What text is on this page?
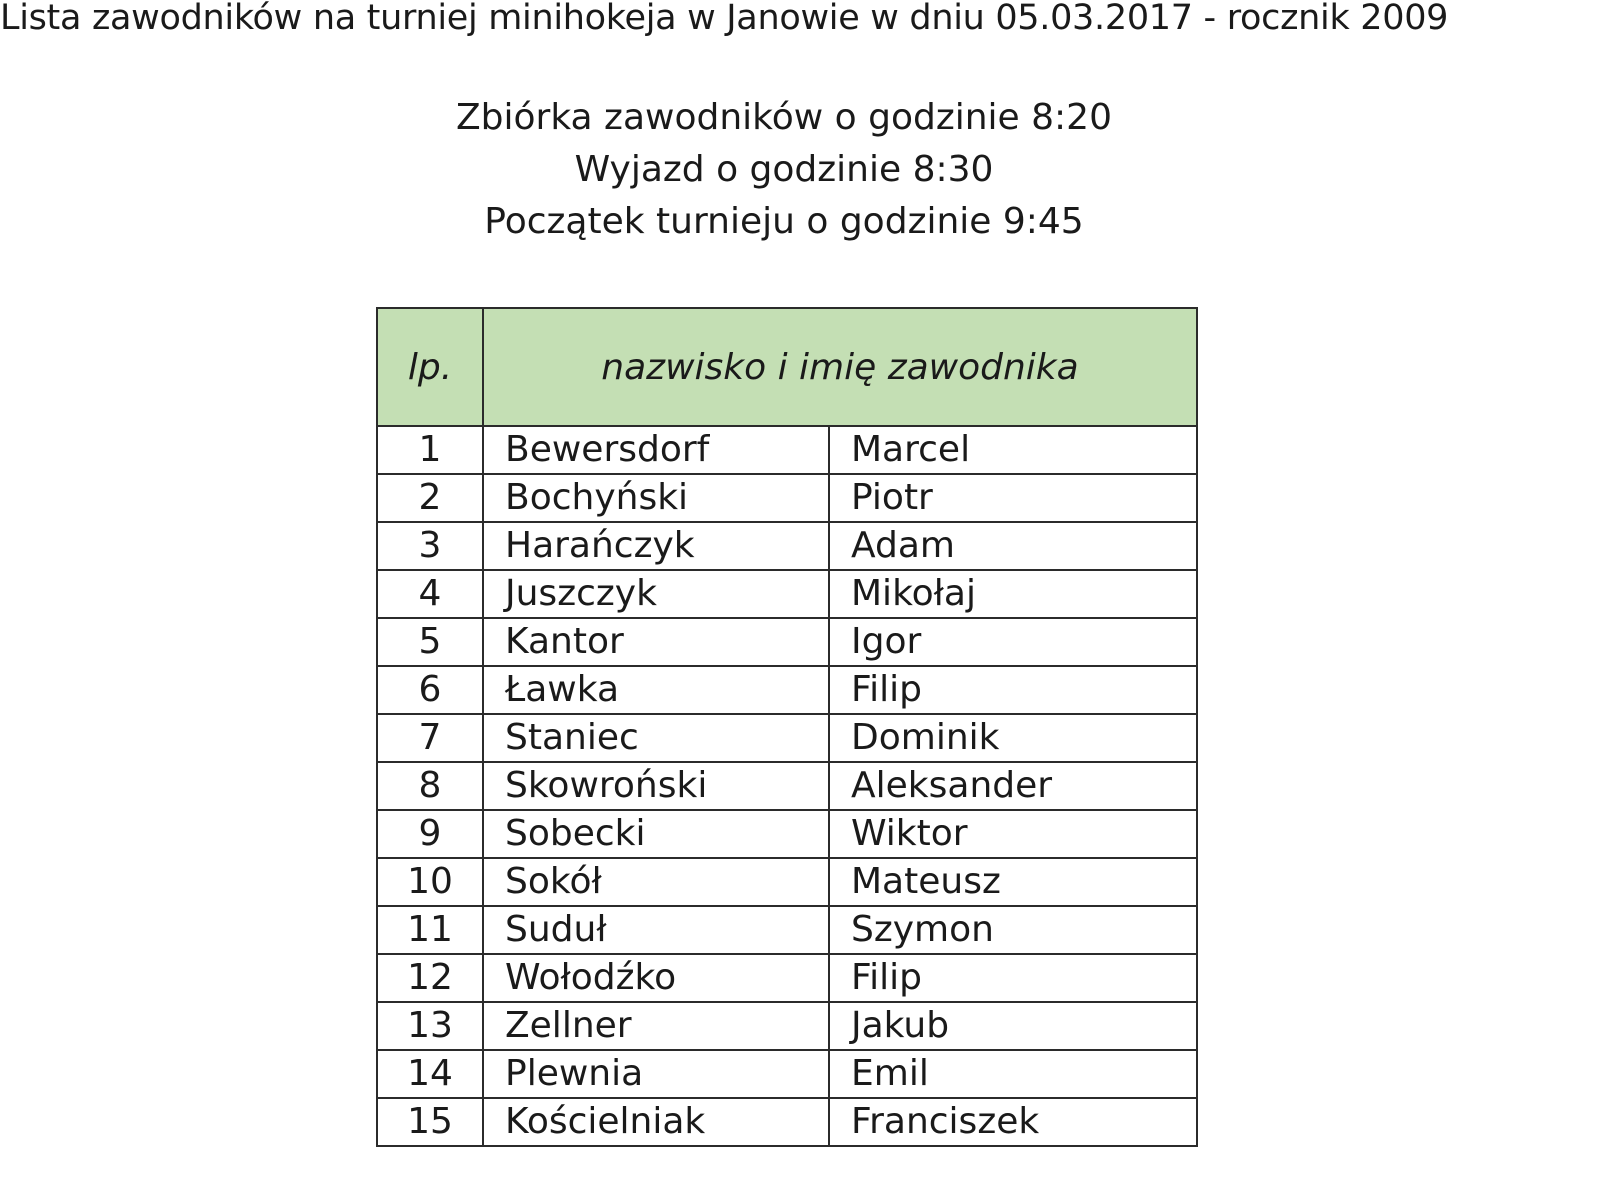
Lista zawodników na turniej minihokeja w Janowie w dniu 05.03.2017 - rocznik 2009
Zbiórka zawodników o godzinie 8:20
Wyjazd o godzinie 8:30
Początek turnieju o godzinie 9:45
lp.	nazwisko i imię zawodnika	
1	Bewersdorf	Marcel
2	Bochyński	Piotr
3	Harańczyk	Adam
4	Juszczyk	Mikołaj
5	Kantor	Igor
6	Ławka	Filip
7	Staniec	Dominik
8	Skowroński	Aleksander
9	Sobecki	Wiktor
10	Sokół	Mateusz
11	Suduł	Szymon
12	Wołodźko	Filip
13	Zellner	Jakub
14	Plewnia	Emil
15	Kościelniak	Franciszek
